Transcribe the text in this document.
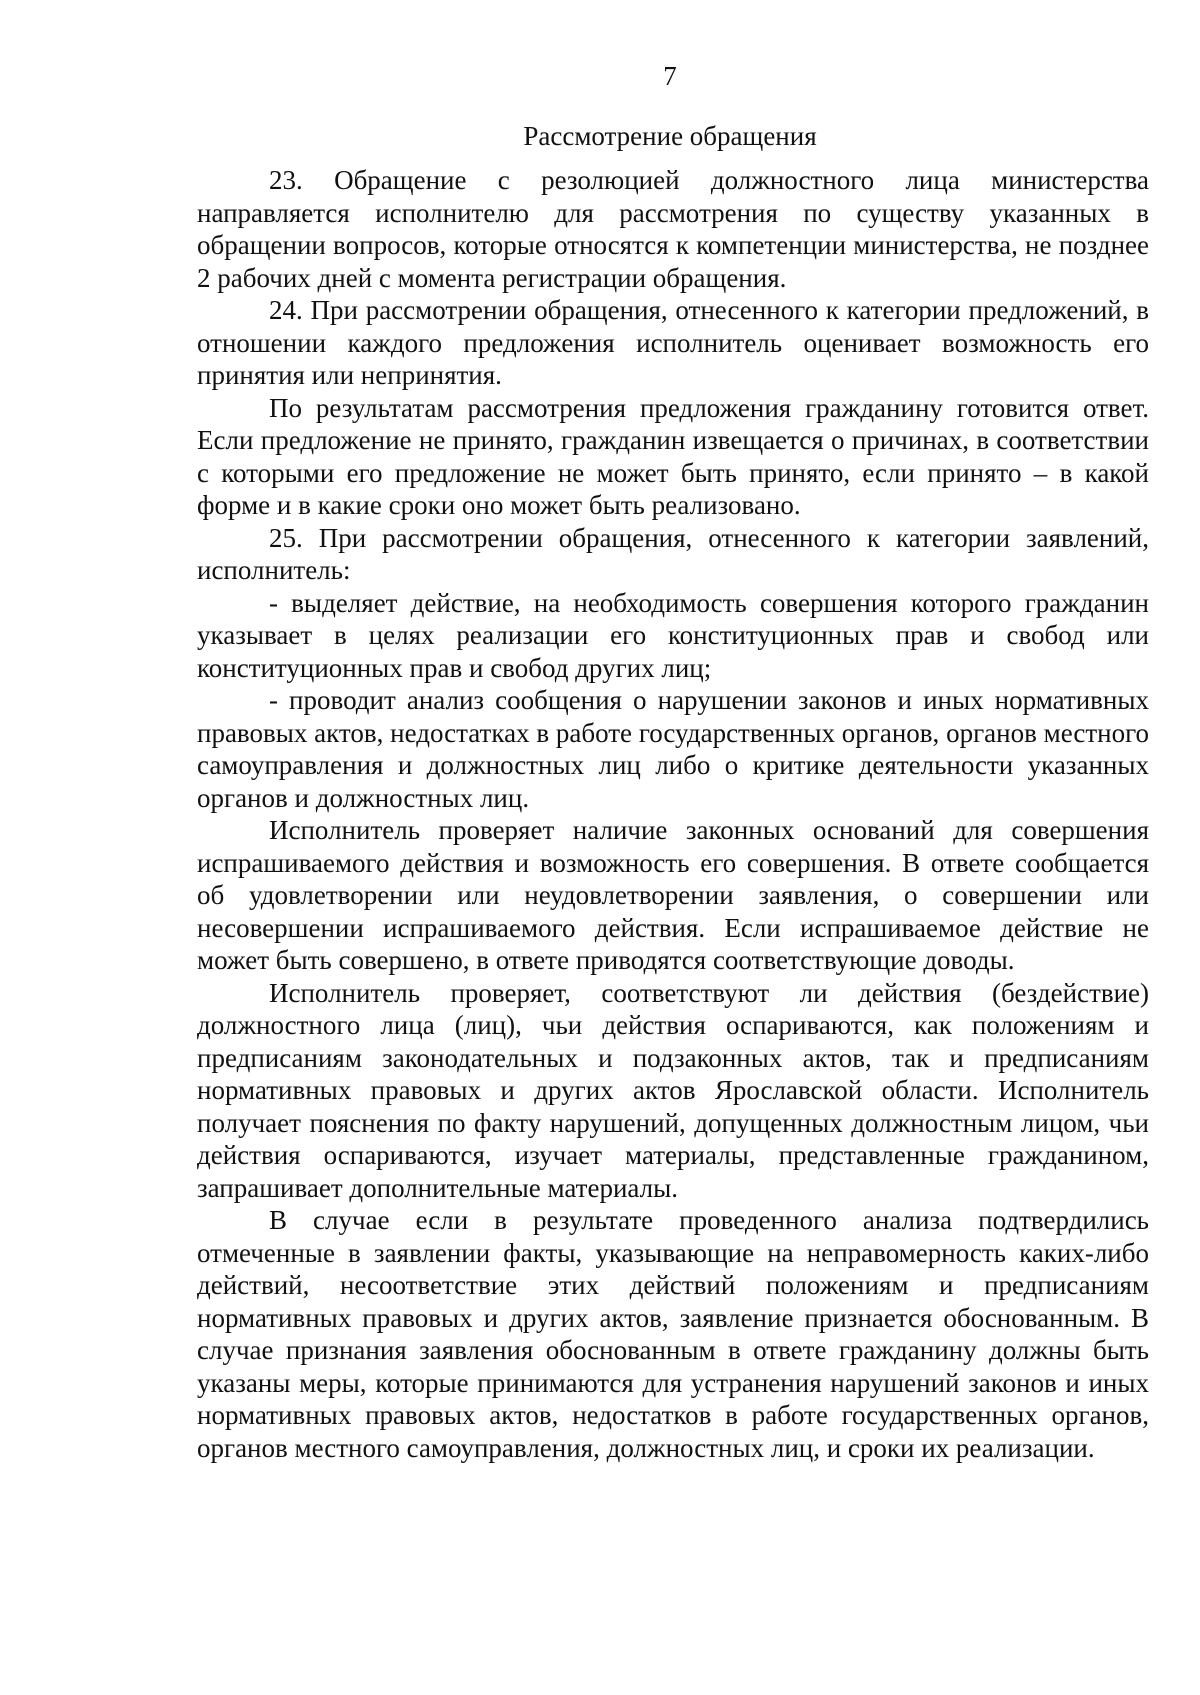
7
Рассмотрение обращения

23. Обращение с резолюцией должностного лица министерства направляется исполнителю для рассмотрения по существу указанных в обращении вопросов, которые относятся к компетенции министерства, не позднее 2 рабочих дней с момента регистрации обращения.

24. При рассмотрении обращения, отнесенного к категории предложений, в отношении каждого предложения исполнитель оценивает возможность его принятия или непринятия.

По результатам рассмотрения предложения гражданину готовится ответ. Если предложение не принято, гражданин извещается о причинах, в соответствии с которыми его предложение не может быть принято, если принято – в какой форме и в какие сроки оно может быть реализовано.

25. При рассмотрении обращения, отнесенного к категории заявлений, исполнитель:

- выделяет действие, на необходимость совершения которого гражданин указывает в целях реализации его конституционных прав и свобод или конституционных прав и свобод других лиц;

- проводит анализ сообщения о нарушении законов и иных нормативных правовых актов, недостатках в работе государственных органов, органов местного самоуправления и должностных лиц либо о критике деятельности указанных органов и должностных лиц.

Исполнитель проверяет наличие законных оснований для совершения испрашиваемого действия и возможность его совершения. В ответе сообщается об удовлетворении или неудовлетворении заявления, о совершении или несовершении испрашиваемого действия. Если испрашиваемое действие не может быть совершено, в ответе приводятся соответствующие доводы.

Исполнитель проверяет, соответствуют ли действия (бездействие) должностного лица (лиц), чьи действия оспариваются, как положениям и предписаниям законодательных и подзаконных актов, так и предписаниям нормативных правовых и других актов Ярославской области. Исполнитель получает пояснения по факту нарушений, допущенных должностным лицом, чьи действия оспариваются, изучает материалы, представленные гражданином, запрашивает дополнительные материалы.

В случае если в результате проведенного анализа подтвердились отмеченные в заявлении факты, указывающие на неправомерность каких-либо действий, несоответствие этих действий положениям и предписаниям нормативных правовых и других актов, заявление признается обоснованным. В случае признания заявления обоснованным в ответе гражданину должны быть указаны меры, которые принимаются для устранения нарушений законов и иных нормативных правовых актов, недостатков в работе государственных органов, органов местного самоуправления, должностных лиц, и сроки их реализации.
